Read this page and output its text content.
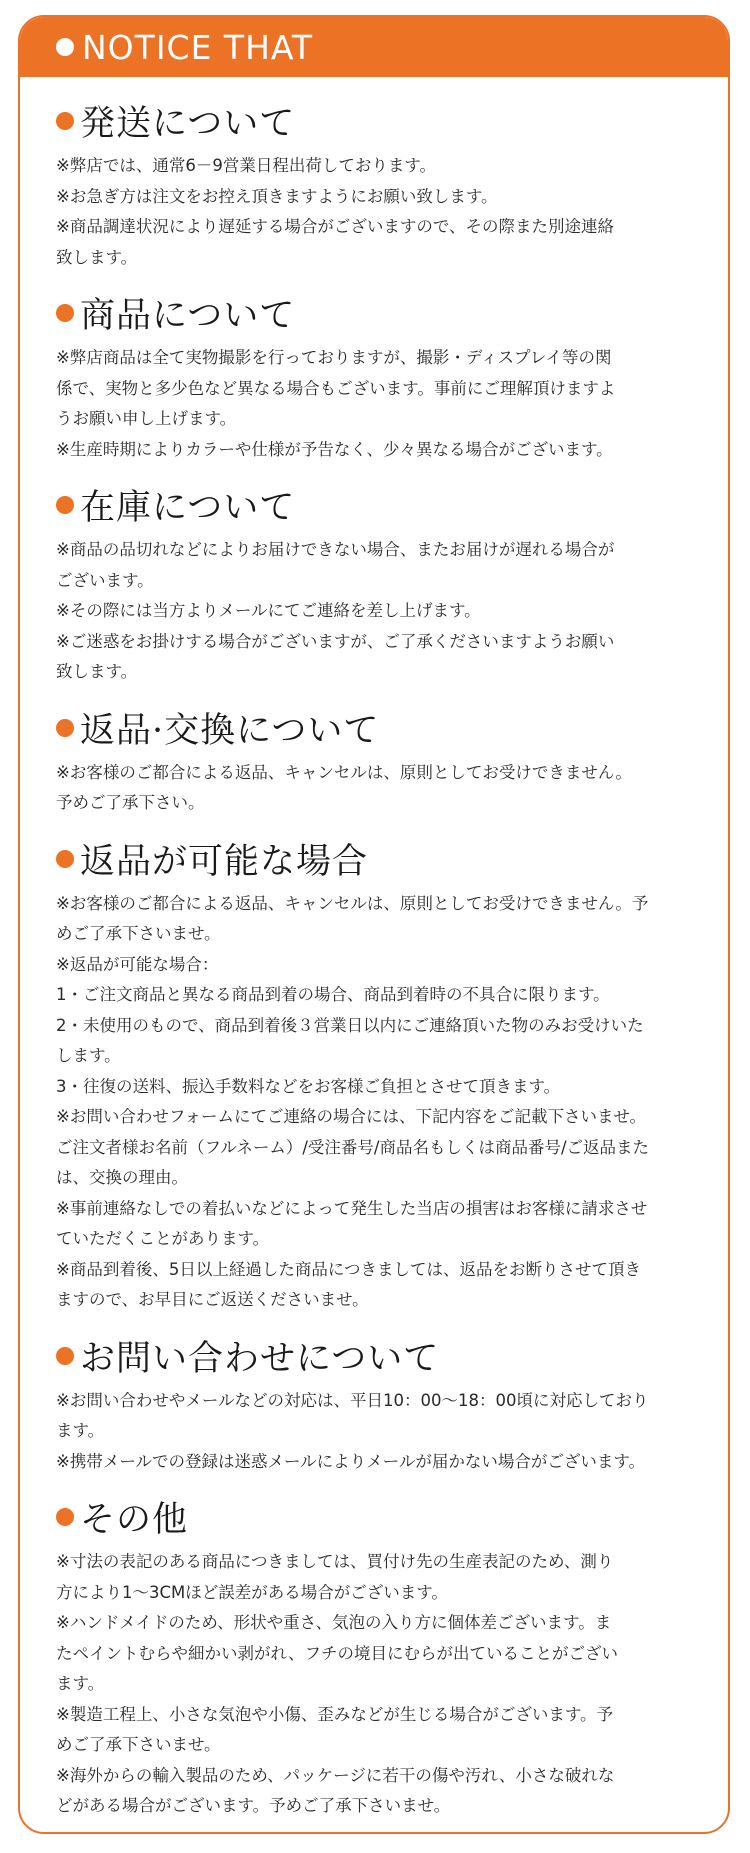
NOTICE THAT
発送について
※弊店では、通常6－9営業日程出荷しております。
※お急ぎ方は注文をお控え頂きますようにお願い致します。
※商品調達状況により遅延する場合がございますので、その際また別途連絡
致します。
商品について
※弊店商品は全て実物撮影を行っておりますが、撮影・ディスプレイ等の関
係で、実物と多少色など異なる場合もございます。事前にご理解頂けますよ
うお願い申し上げます。
※生産時期によりカラーや仕様が予告なく、少々異なる場合がございます。
在庫について
※商品の品切れなどによりお届けできない場合、またお届けが遅れる場合が
ございます。
※その際には当方よりメールにてご連絡を差し上げます。
※ご迷惑をお掛けする場合がございますが、ご了承くださいますようお願い
致します。
返品·交換について
※お客様のご都合による返品、キャンセルは、原則としてお受けできません。
予めご了承下さい。
返品が可能な場合
※お客様のご都合による返品、キャンセルは、原則としてお受けできません。予
めご了承下さいませ。
※返品が可能な場合：
1・ご注文商品と異なる商品到着の場合、商品到着時の不具合に限ります。
2・未使用のもので、商品到着後３営業日以内にご連絡頂いた物のみお受けいた
します。
3・往復の送料、振込手数料などをお客様ご負担とさせて頂きます。
※お問い合わせフォームにてご連絡の場合には、下記内容をご記載下さいませ。
ご注文者様お名前（フルネーム）/受注番号/商品名もしくは商品番号/ご返品また
は、交換の理由。
※事前連絡なしでの着払いなどによって発生した当店の損害はお客様に請求させ
ていただくことがあります。
※商品到着後、5日以上経過した商品につきましては、返品をお断りさせて頂き
ますので、お早目にご返送くださいませ。
お問い合わせについて
※お問い合わせやメールなどの対応は、平日10：00～18：00頃に対応しており
ます。
※携帯メールでの登録は迷惑メールによりメールが届かない場合がございます。
その他
※寸法の表記のある商品につきましては、買付け先の生産表記のため、測り
方により1～3CMほど誤差がある場合がございます。
※ハンドメイドのため、形状や重さ、気泡の入り方に個体差ございます。ま
たペイントむらや細かい剥がれ、フチの境目にむらが出ていることがござい
ます。
※製造工程上、小さな気泡や小傷、歪みなどが生じる場合がございます。予
めご了承下さいませ。
※海外からの輸入製品のため、パッケージに若干の傷や汚れ、小さな破れな
どがある場合がございます。予めご了承下さいませ。
